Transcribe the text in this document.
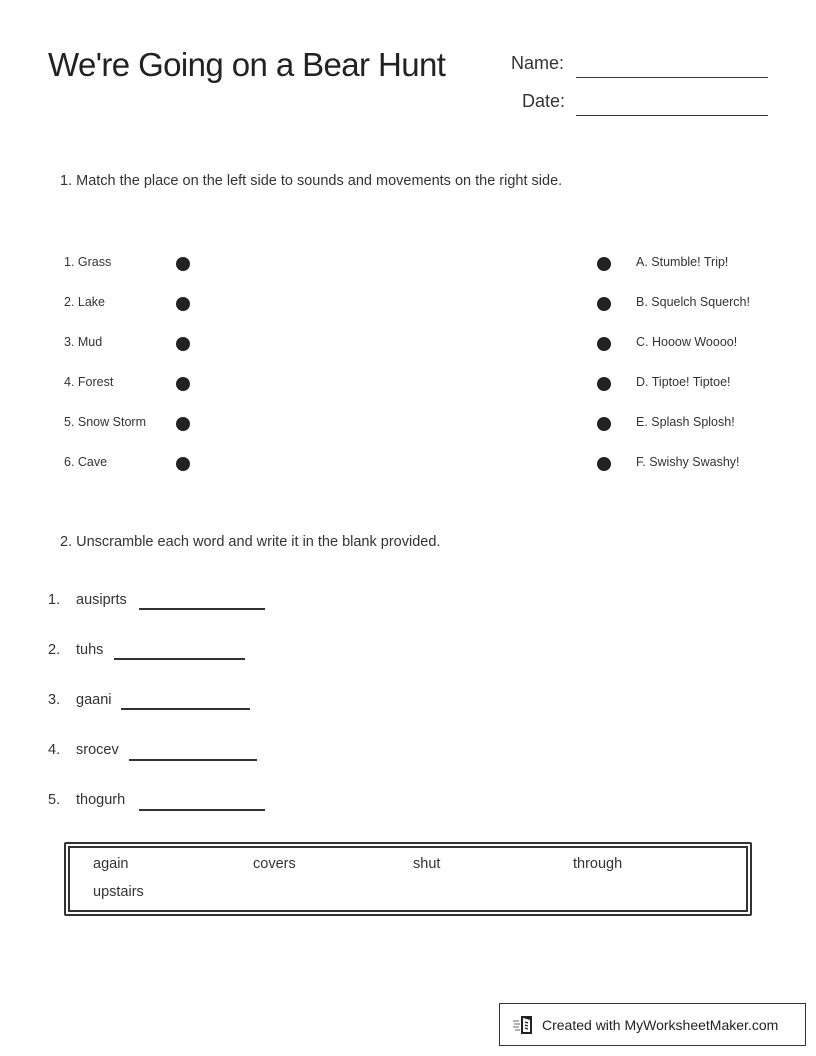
We're Going on a Bear Hunt	Name:
Date:
1. Match the place on the left side to sounds and movements on the right side.
1. Grass
2. Lake
3. Mud
4. Forest
5. Snow Storm
6. Cave
A. Stumble! Trip!
B. Squelch Squerch!
C. Hooow Woooo!
D. Tiptoe! Tiptoe!
E. Splash Splosh!
F. Swishy Swashy!
2. Unscramble each word and write it in the blank provided.
1. ausiprts
2. tuhs
3. gaani
4. srocev
5. thogurh
again	covers	shut	through
upstairs
Created with MyWorksheetMaker.com
